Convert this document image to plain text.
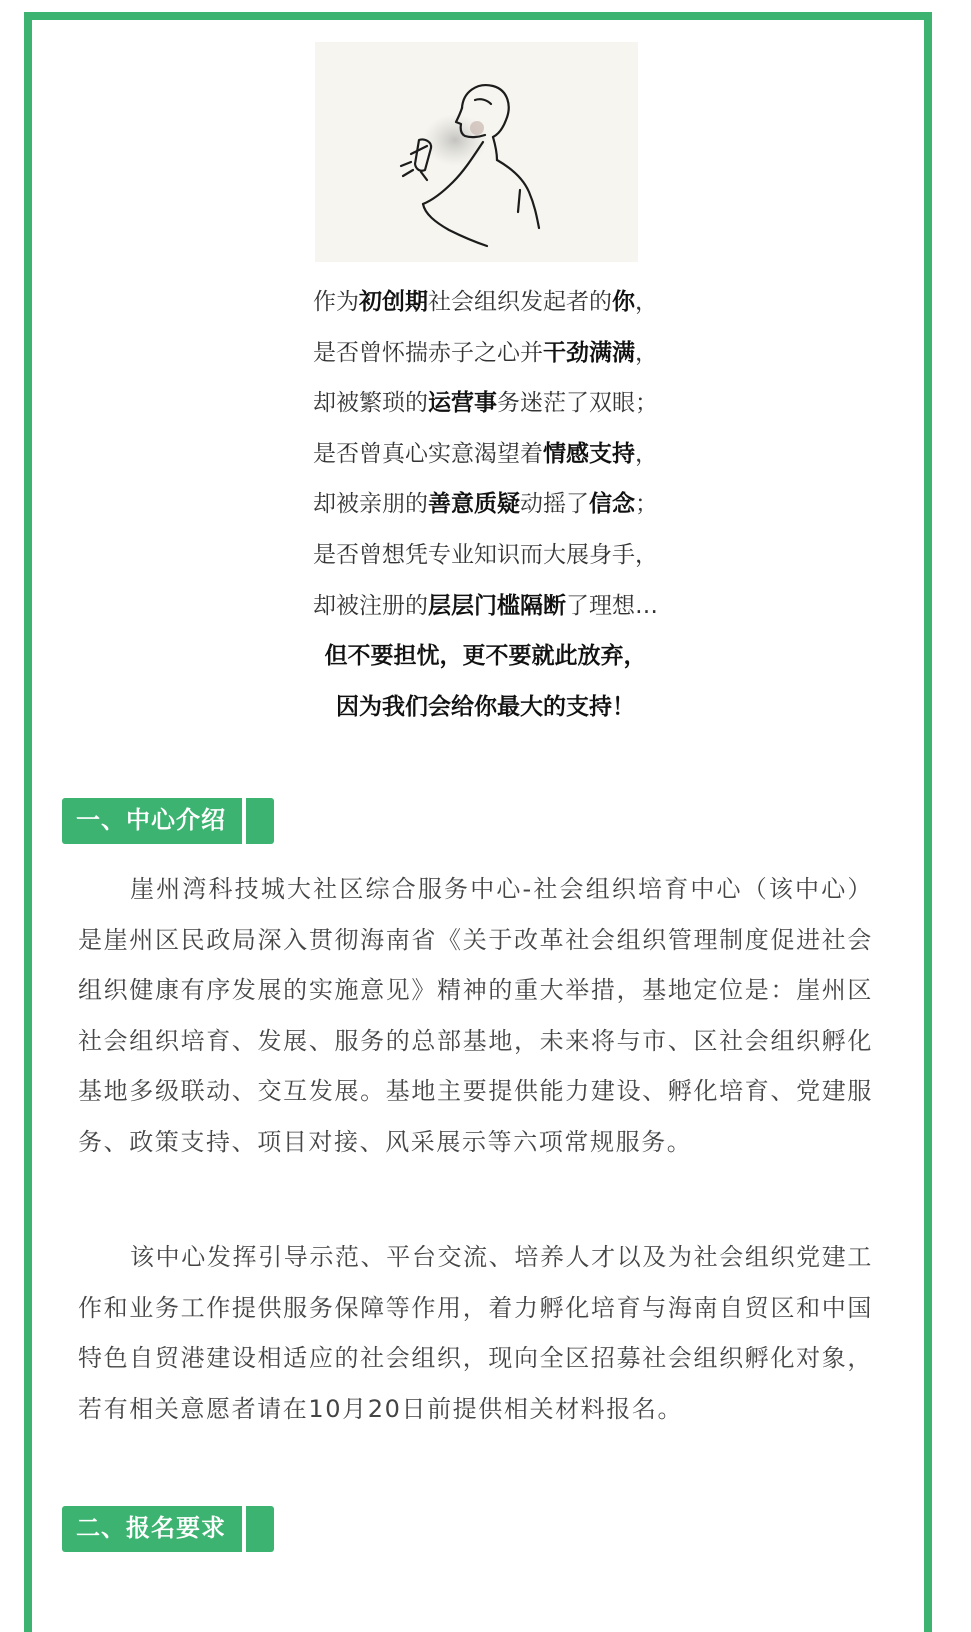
作为初创期社会组织发起者的你，
是否曾怀揣赤子之心并干劲满满，
却被繁琐的运营事务迷茫了双眼；
是否曾真心实意渴望着情感支持，
却被亲朋的善意质疑动摇了信念；
是否曾想凭专业知识而大展身手，
却被注册的层层门槛隔断了理想…
但不要担忧，更不要就此放弃，
因为我们会给你最大的支持！
一、中心介绍

崖州湾科技城大社区综合服务中心-社会组织培育中心（该中心）是崖州区民政局深入贯彻海南省《关于改革社会组织管理制度促进社会组织健康有序发展的实施意见》精神的重大举措，基地定位是：崖州区社会组织培育、发展、服务的总部基地，未来将与市、区社会组织孵化基地多级联动、交互发展。基地主要提供能力建设、孵化培育、党建服务、政策支持、项目对接、风采展示等六项常规服务。

该中心发挥引导示范、平台交流、培养人才以及为社会组织党建工作和业务工作提供服务保障等作用，着力孵化培育与海南自贸区和中国特色自贸港建设相适应的社会组织，现向全区招募社会组织孵化对象，若有相关意愿者请在10月20日前提供相关材料报名。

二、报名要求
